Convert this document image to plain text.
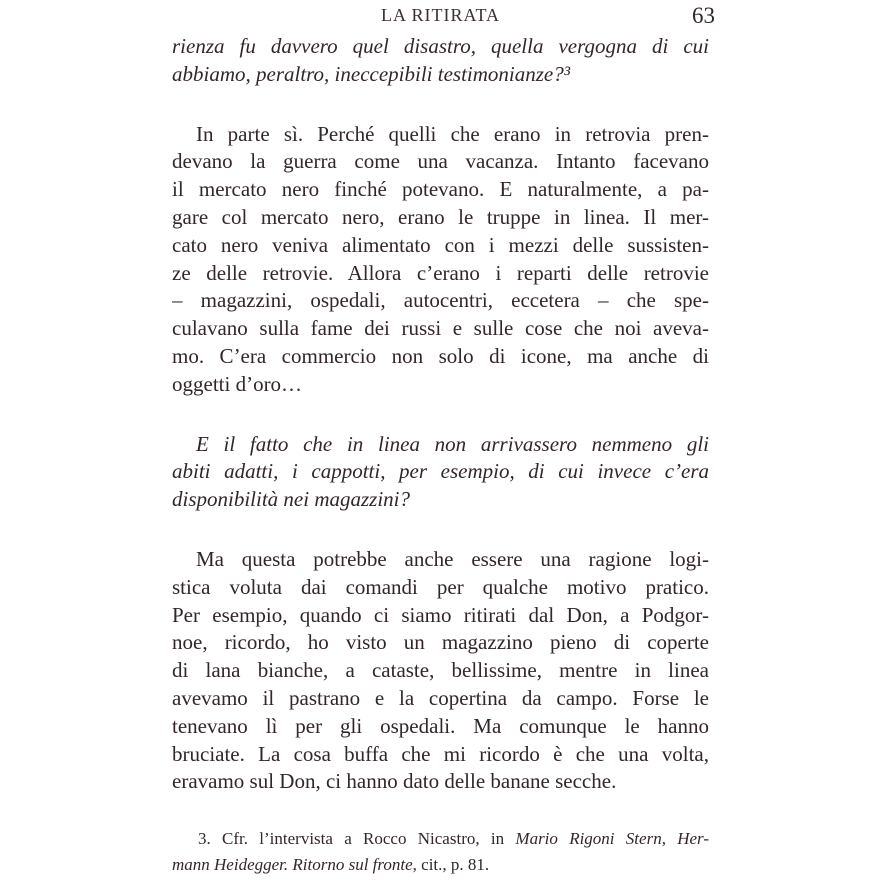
LA RITIRATA	63
rienza fu davvero quel disastro, quella vergogna di cui
abbiamo, peraltro, ineccepibili testimonianze?³
In parte sì. Perché quelli che erano in retrovia pren-
devano la guerra come una vacanza. Intanto facevano
il mercato nero finché potevano. E naturalmente, a pa-
gare col mercato nero, erano le truppe in linea. Il mer-
cato nero veniva alimentato con i mezzi delle sussisten-
ze delle retrovie. Allora c’erano i reparti delle retrovie
– magazzini, ospedali, autocentri, eccetera – che spe-
culavano sulla fame dei russi e sulle cose che noi aveva-
mo. C’era commercio non solo di icone, ma anche di
oggetti d’oro…
E il fatto che in linea non arrivassero nemmeno gli
abiti adatti, i cappotti, per esempio, di cui invece c’era
disponibilità nei magazzini?
Ma questa potrebbe anche essere una ragione logi-
stica voluta dai comandi per qualche motivo pratico.
Per esempio, quando ci siamo ritirati dal Don, a Podgor-
noe, ricordo, ho visto un magazzino pieno di coperte
di lana bianche, a cataste, bellissime, mentre in linea
avevamo il pastrano e la copertina da campo. Forse le
tenevano lì per gli ospedali. Ma comunque le hanno
bruciate. La cosa buffa che mi ricordo è che una volta,
eravamo sul Don, ci hanno dato delle banane secche.
3. Cfr. l’intervista a Rocco Nicastro, in Mario Rigoni Stern, Her-
mann Heidegger. Ritorno sul fronte, cit., p. 81.
